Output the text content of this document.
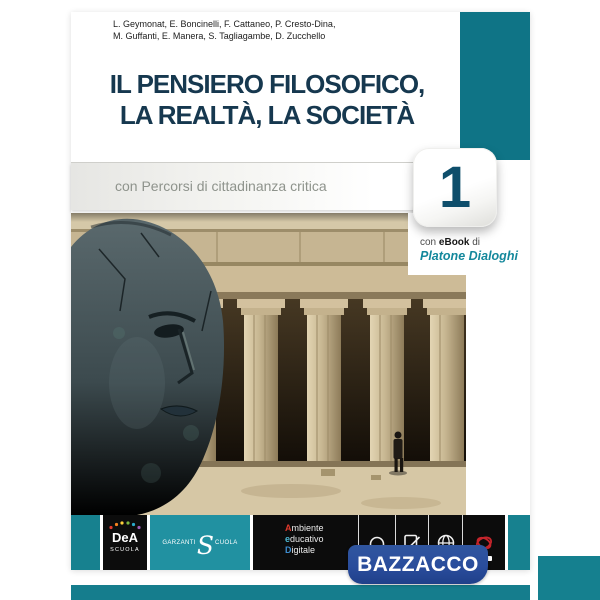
L. Geymonat, E. Boncinelli, F. Cattaneo, P. Cresto-Dina,
M. Guffanti, E. Manera, S. Tagliagambe, D. Zucchello
IL PENSIERO FILOSOFICO,
LA REALTÀ, LA SOCIETÀ
con Percorsi di cittadinanza critica	1
con eBook di
Platone Dialoghi
DeA
SCUOLA
GARZANTI S CUOLA
Ambiente
educativo
Digitale
BAZZACCO
